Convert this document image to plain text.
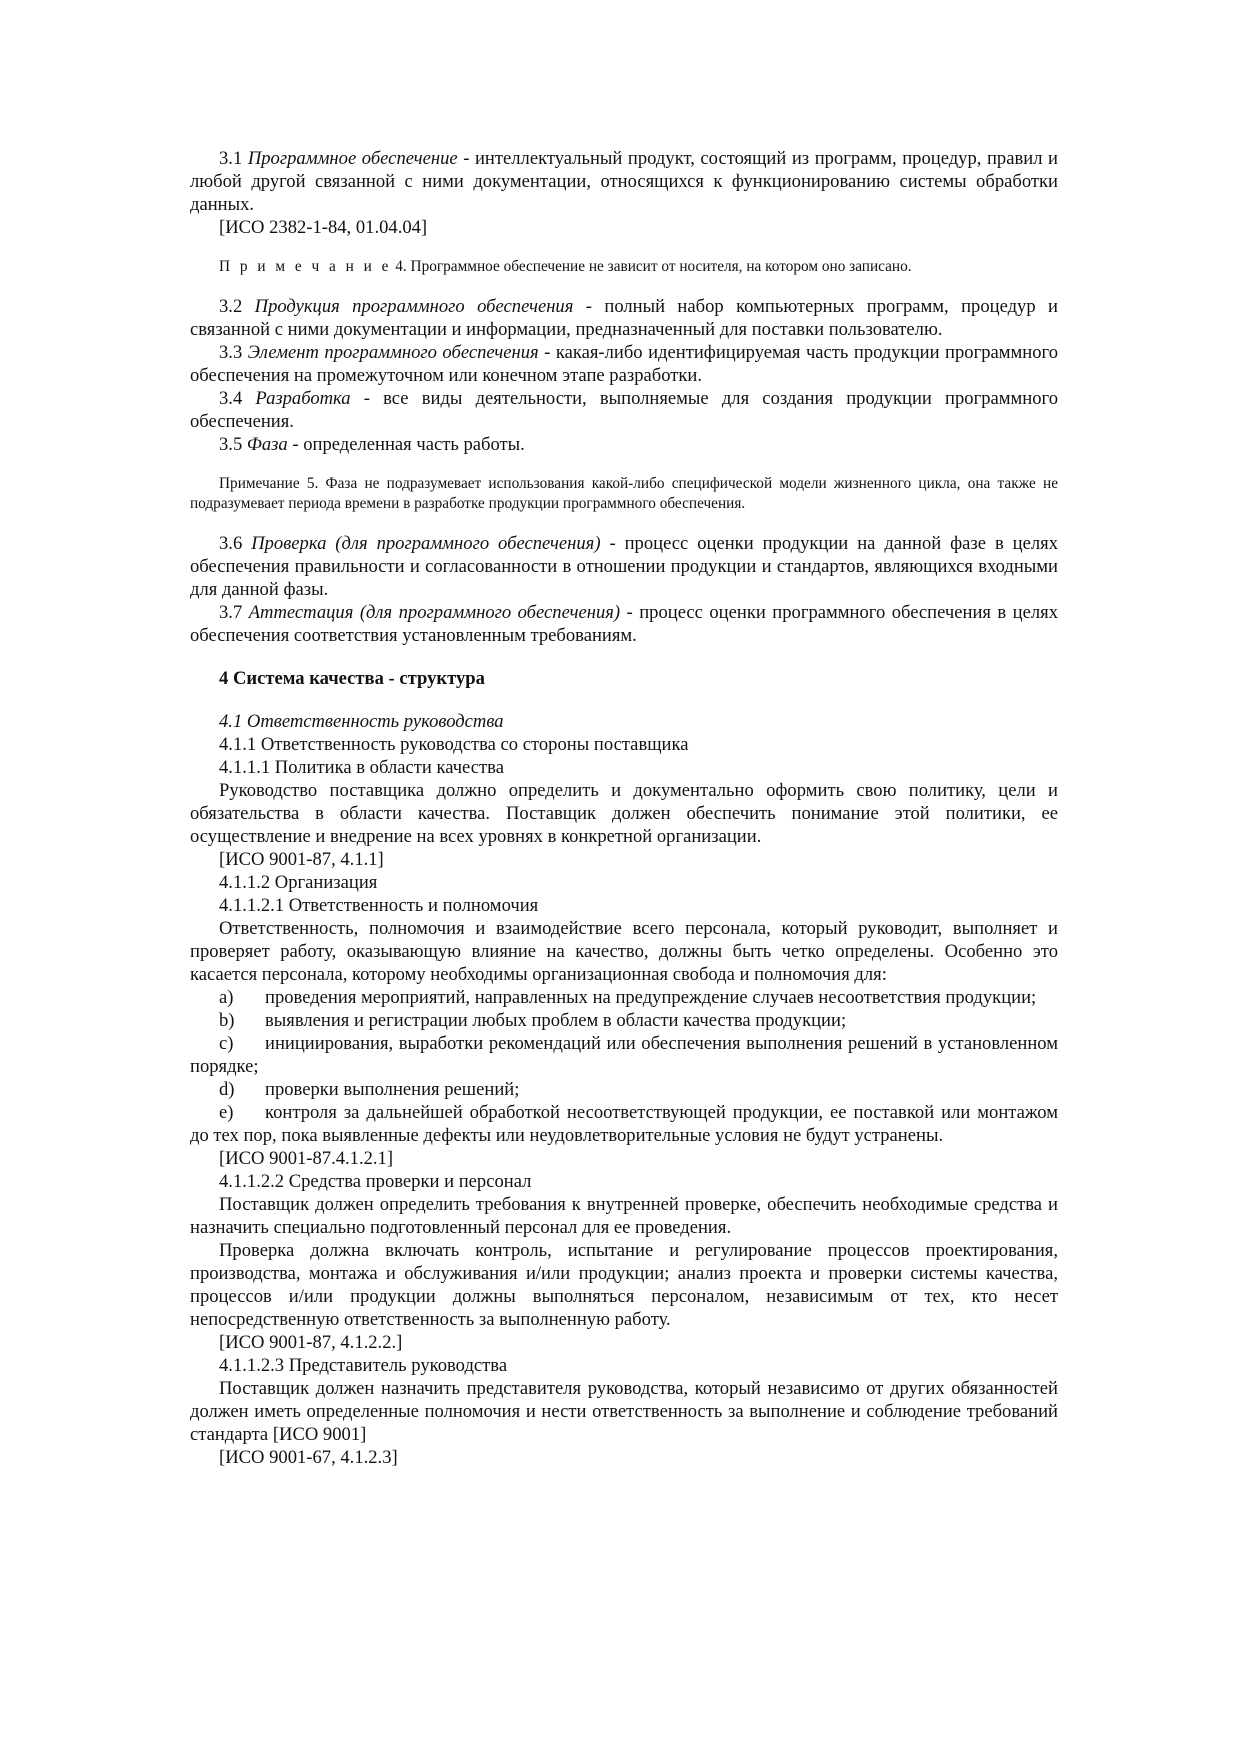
3.1 Программное обеспечение - интеллектуальный продукт, состоящий из программ, процедур, правил и любой другой связанной с ними документации, относящихся к функционированию системы обработки данных.

[ИСО 2382-1-84, 01.04.04]

П р и м е ч а н и е 4. Программное обеспечение не зависит от носителя, на котором оно записано.

3.2 Продукция программного обеспечения - полный набор компьютерных программ, процедур и связанной с ними документации и информации, предназначенный для поставки пользователю.

3.3 Элемент программного обеспечения - какая-либо идентифицируемая часть продукции программного обеспечения на промежуточном или конечном этапе разработки.

3.4 Разработка - все виды деятельности, выполняемые для создания продукции программного обеспечения.

3.5 Фаза - определенная часть работы.

Примечание 5. Фаза не подразумевает использования какой-либо специфической модели жизненного цикла, она также не подразумевает периода времени в разработке продукции программного обеспечения.

3.6 Проверка (для программного обеспечения) - процесс оценки продукции на данной фазе в целях обеспечения правильности и согласованности в отношении продукции и стандартов, являющихся входными для данной фазы.

3.7 Аттестация (для программного обеспечения) - процесс оценки программного обеспечения в целях обеспечения соответствия установленным требованиям.

4 Система качества - структура

4.1 Ответственность руководства

4.1.1 Ответственность руководства со стороны поставщика

4.1.1.1 Политика в области качества

Руководство поставщика должно определить и документально оформить свою политику, цели и обязательства в области качества. Поставщик должен обеспечить понимание этой политики, ее осуществление и внедрение на всех уровнях в конкретной организации.

[ИСО 9001-87, 4.1.1]

4.1.1.2 Организация

4.1.1.2.1 Ответственность и полномочия

Ответственность, полномочия и взаимодействие всего персонала, который руководит, выполняет и проверяет работу, оказывающую влияние на качество, должны быть четко определены. Особенно это касается персонала, которому необходимы организационная свобода и полномочия для:

a) проведения мероприятий, направленных на предупреждение случаев несоответствия продукции;

b) выявления и регистрации любых проблем в области качества продукции;

c) инициирования, выработки рекомендаций или обеспечения выполнения решений в установленном порядке;

d) проверки выполнения решений;

e) контроля за дальнейшей обработкой несоответствующей продукции, ее поставкой или монтажом до тех пор, пока выявленные дефекты или неудовлетворительные условия не будут устранены.

[ИСО 9001-87.4.1.2.1]

4.1.1.2.2 Средства проверки и персонал

Поставщик должен определить требования к внутренней проверке, обеспечить необходимые средства и назначить специально подготовленный персонал для ее проведения.

Проверка должна включать контроль, испытание и регулирование процессов проектирования, производства, монтажа и обслуживания и/или продукции; анализ проекта и проверки системы качества, процессов и/или продукции должны выполняться персоналом, независимым от тех, кто несет непосредственную ответственность за выполненную работу.

[ИСО 9001-87, 4.1.2.2.]

4.1.1.2.3 Представитель руководства

Поставщик должен назначить представителя руководства, который независимо от других обязанностей должен иметь определенные полномочия и нести ответственность за выполнение и соблюдение требований стандарта [ИСО 9001]

[ИСО 9001-67, 4.1.2.3]
